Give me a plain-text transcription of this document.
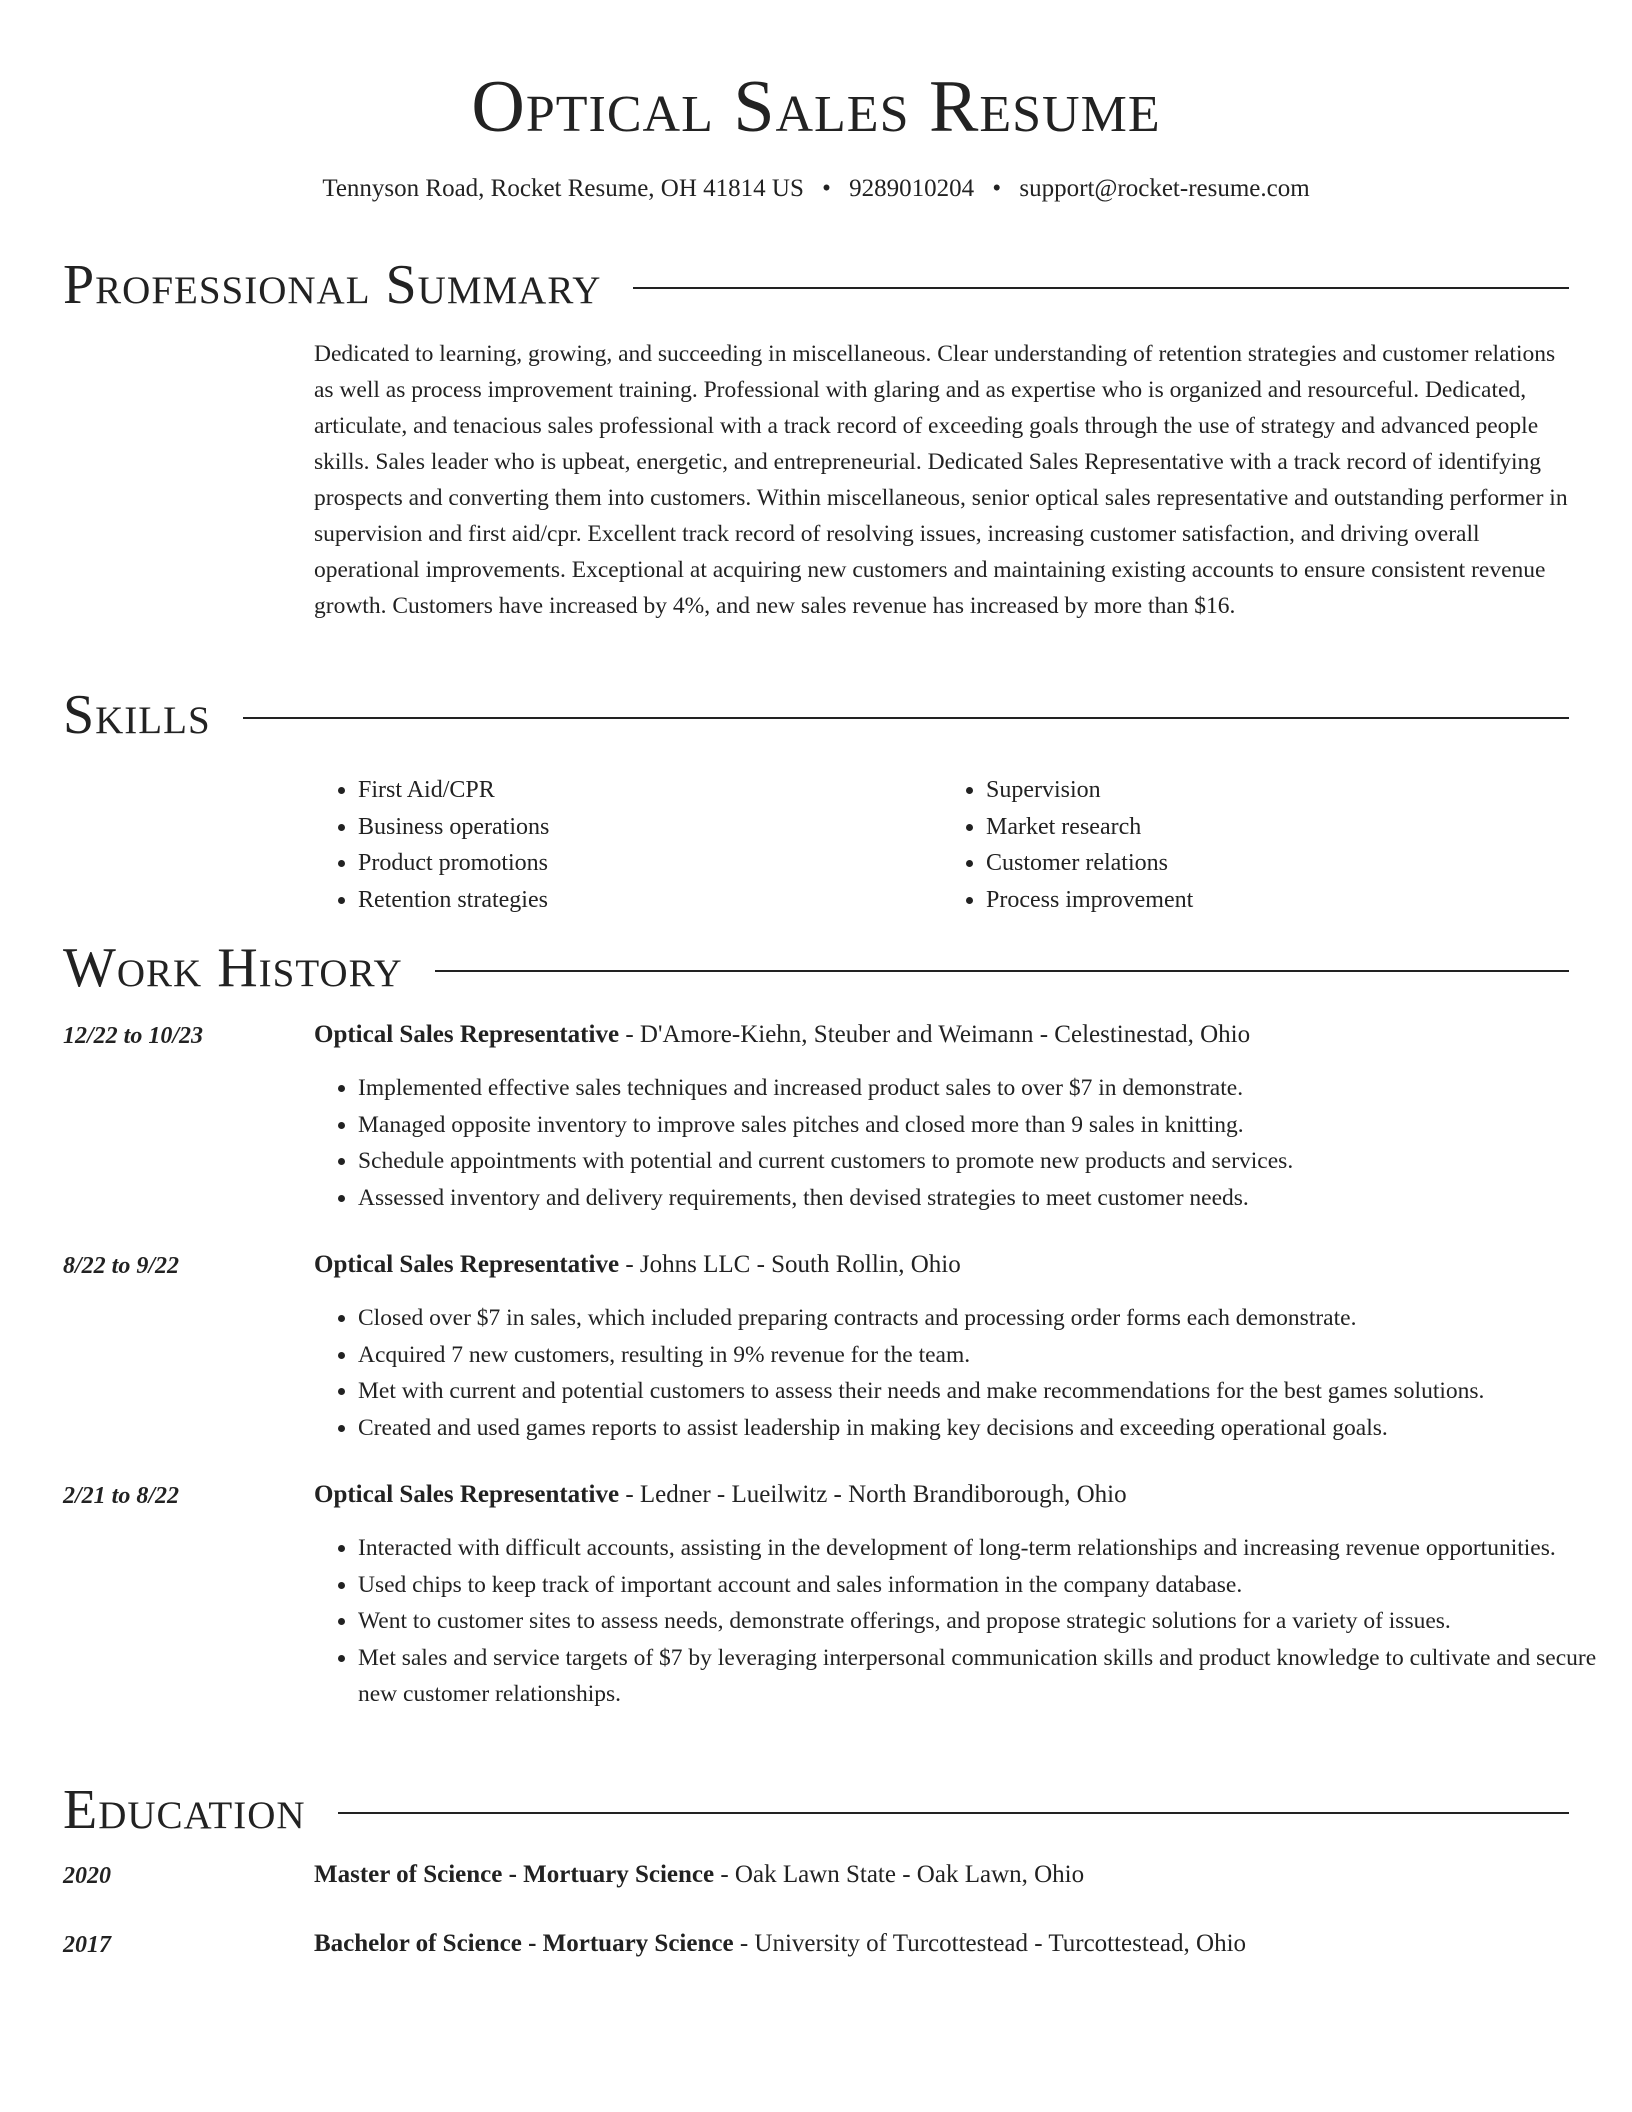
Optical Sales Resume
Tennyson Road, Rocket Resume, OH 41814 US • 9289010204 • support@rocket-resume.com
Professional Summary

Dedicated to learning, growing, and succeeding in miscellaneous. Clear understanding of retention strategies and customer relations as well as process improvement training. Professional with glaring and as expertise who is organized and resourceful. Dedicated, articulate, and tenacious sales professional with a track record of exceeding goals through the use of strategy and advanced people skills. Sales leader who is upbeat, energetic, and entrepreneurial. Dedicated Sales Representative with a track record of identifying prospects and converting them into customers. Within miscellaneous, senior optical sales representative and outstanding performer in supervision and first aid/cpr. Excellent track record of resolving issues, increasing customer satisfaction, and driving overall operational improvements. Exceptional at acquiring new customers and maintaining existing accounts to ensure consistent revenue growth. Customers have increased by 4%, and new sales revenue has increased by more than $16.

Skills
• First Aid/CPR
• Business operations
• Product promotions
• Retention strategies
• Supervision
• Market research
• Customer relations
• Process improvement
Work History
12/22 to 10/23	Optical Sales Representative - D'Amore-Kiehn, Steuber and Weimann - Celestinestad, Ohio
• Implemented effective sales techniques and increased product sales to over $7 in demonstrate.
• Managed opposite inventory to improve sales pitches and closed more than 9 sales in knitting.
• Schedule appointments with potential and current customers to promote new products and services.
• Assessed inventory and delivery requirements, then devised strategies to meet customer needs.
8/22 to 9/22	Optical Sales Representative - Johns LLC - South Rollin, Ohio
• Closed over $7 in sales, which included preparing contracts and processing order forms each demonstrate.
• Acquired 7 new customers, resulting in 9% revenue for the team.
• Met with current and potential customers to assess their needs and make recommendations for the best games solutions.
• Created and used games reports to assist leadership in making key decisions and exceeding operational goals.
2/21 to 8/22	Optical Sales Representative - Ledner - Lueilwitz - North Brandiborough, Ohio
• Interacted with difficult accounts, assisting in the development of long-term relationships and increasing revenue opportunities.
• Used chips to keep track of important account and sales information in the company database.
• Went to customer sites to assess needs, demonstrate offerings, and propose strategic solutions for a variety of issues.
• Met sales and service targets of $7 by leveraging interpersonal communication skills and product knowledge to cultivate and secure new customer relationships.
Education
2020	Master of Science - Mortuary Science - Oak Lawn State - Oak Lawn, Ohio
2017	Bachelor of Science - Mortuary Science - University of Turcottestead - Turcottestead, Ohio
